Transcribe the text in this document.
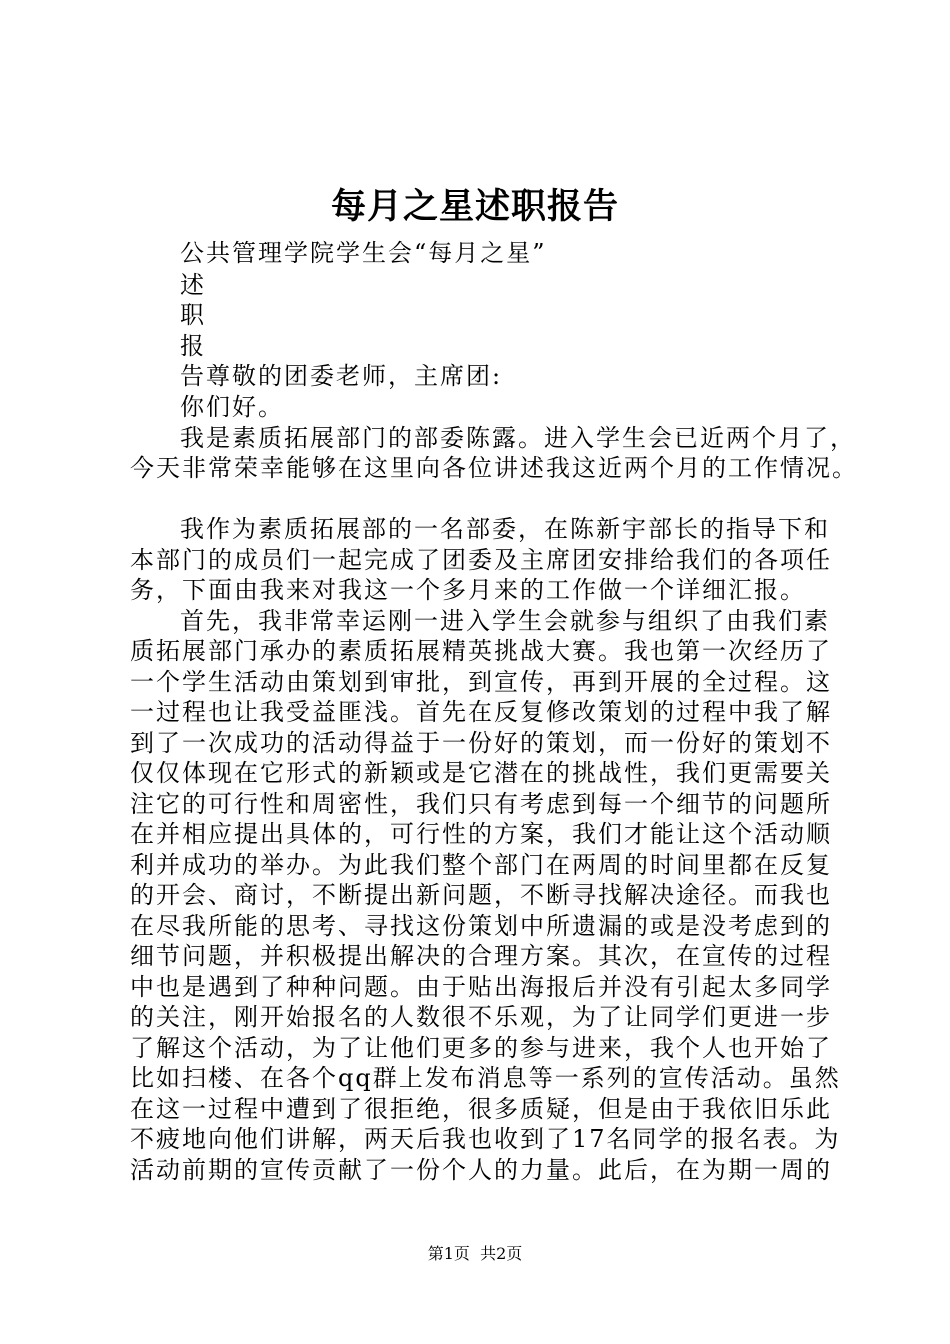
每月之星述职报告

公共管理学院学生会“每月之星”

述

职

报

告尊敬的团委老师，主席团:

你们好。

我是素质拓展部门的部委陈露。进入学生会已近两个月了，

今天非常荣幸能够在这里向各位讲述我这近两个月的工作情况。

我作为素质拓展部的一名部委，在陈新宇部长的指导下和

本部门的成员们一起完成了团委及主席团安排给我们的各项任

务，下面由我来对我这一个多月来的工作做一个详细汇报。

首先，我非常幸运刚一进入学生会就参与组织了由我们素

质拓展部门承办的素质拓展精英挑战大赛。我也第一次经历了

一个学生活动由策划到审批，到宣传，再到开展的全过程。这

一过程也让我受益匪浅。首先在反复修改策划的过程中我了解

到了一次成功的活动得益于一份好的策划，而一份好的策划不

仅仅体现在它形式的新颖或是它潜在的挑战性，我们更需要关

注它的可行性和周密性，我们只有考虑到每一个细节的问题所

在并相应提出具体的，可行性的方案，我们才能让这个活动顺

利并成功的举办。为此我们整个部门在两周的时间里都在反复

的开会、商讨，不断提出新问题，不断寻找解决途径。而我也

在尽我所能的思考、寻找这份策划中所遗漏的或是没考虑到的

细节问题，并积极提出解决的合理方案。其次，在宣传的过程

中也是遇到了种种问题。由于贴出海报后并没有引起太多同学

的关注，刚开始报名的人数很不乐观，为了让同学们更进一步

了解这个活动，为了让他们更多的参与进来，我个人也开始了

比如扫楼、在各个qq群上发布消息等一系列的宣传活动。虽然

在这一过程中遭到了很拒绝，很多质疑，但是由于我依旧乐此

不疲地向他们讲解，两天后我也收到了17名同学的报名表。为

活动前期的宣传贡献了一份个人的力量。此后，在为期一周的

第1页  共2页
